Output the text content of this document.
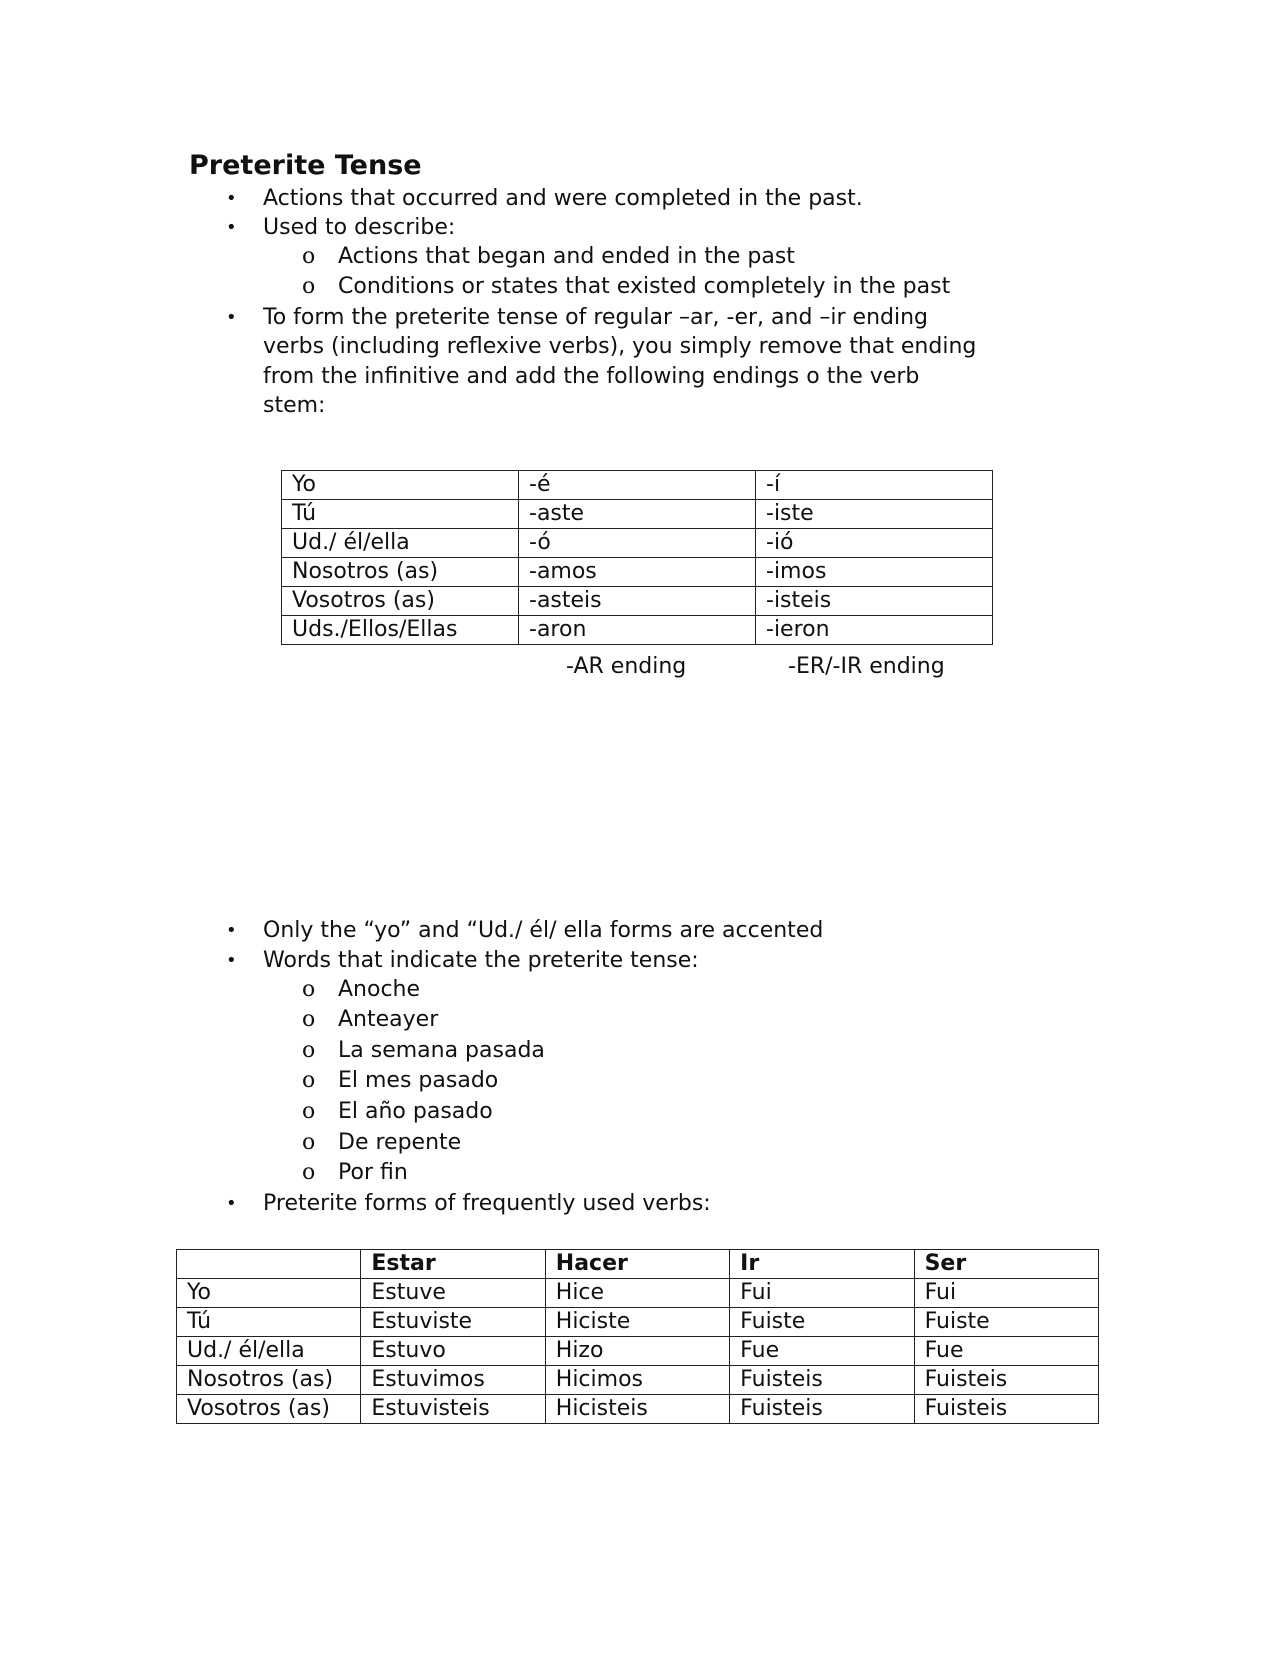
Preterite Tense
• Actions that occurred and were completed in the past.
• Used to describe:
o Actions that began and ended in the past
o Conditions or states that existed completely in the past
• To form the preterite tense of regular –ar, -er, and –ir ending
verbs (including reflexive verbs), you simply remove that ending
from the infinitive and add the following endings o the verb
stem:
Yo	-é	-í
Tú	-aste	-iste
Ud./ él/ella	-ó	-ió
Nosotros (as)	-amos	-imos
Vosotros (as)	-asteis	-isteis
Uds./Ellos/Ellas	-aron	-ieron
-AR ending	-ER/-IR ending
• Only the “yo” and “Ud./ él/ ella forms are accented
• Words that indicate the preterite tense:
o Anoche
o Anteayer
o La semana pasada
o El mes pasado
o El año pasado
o De repente
o Por fin
• Preterite forms of frequently used verbs:
	Estar	Hacer	Ir	Ser
Yo	Estuve	Hice	Fui	Fui
Tú	Estuviste	Hiciste	Fuiste	Fuiste
Ud./ él/ella	Estuvo	Hizo	Fue	Fue
Nosotros (as)	Estuvimos	Hicimos	Fuisteis	Fuisteis
Vosotros (as)	Estuvisteis	Hicisteis	Fuisteis	Fuisteis
